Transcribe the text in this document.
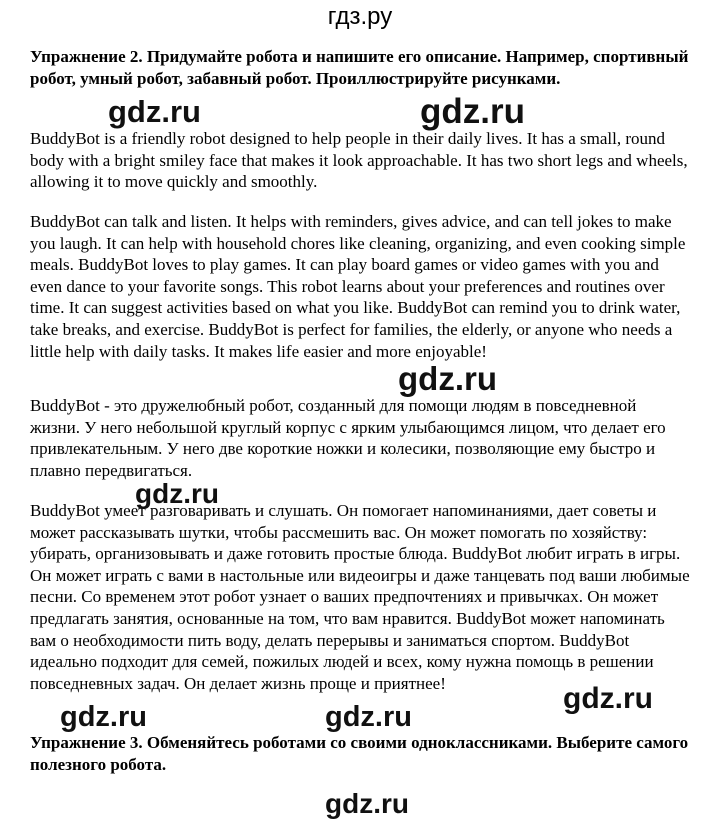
гдз.ру
Упражнение 2. Придумайте робота и напишите его описание. Например, спортивный робот, умный робот, забавный робот. Проиллюстрируйте рисунками.
BuddyBot is a friendly robot designed to help people in their daily lives. It has a small, round body with a bright smiley face that makes it look approachable. It has two short legs and wheels, allowing it to move quickly and smoothly.
BuddyBot can talk and listen. It helps with reminders, gives advice, and can tell jokes to make you laugh. It can help with household chores like cleaning, organizing, and even cooking simple meals. BuddyBot loves to play games. It can play board games or video games with you and even dance to your favorite songs. This robot learns about your preferences and routines over time. It can suggest activities based on what you like. BuddyBot can remind you to drink water, take breaks, and exercise. BuddyBot is perfect for families, the elderly, or anyone who needs a little help with daily tasks. It makes life easier and more enjoyable!
BuddyBot - это дружелюбный робот, созданный для помощи людям в повседневной жизни. У него небольшой круглый корпус с ярким улыбающимся лицом, что делает его привлекательным. У него две короткие ножки и колесики, позволяющие ему быстро и плавно передвигаться.
BuddyBot умеет разговаривать и слушать. Он помогает напоминаниями, дает советы и может рассказывать шутки, чтобы рассмешить вас. Он может помогать по хозяйству: убирать, организовывать и даже готовить простые блюда. BuddyBot любит играть в игры. Он может играть с вами в настольные или видеоигры и даже танцевать под ваши любимые песни. Со временем этот робот узнает о ваших предпочтениях и привычках. Он может предлагать занятия, основанные на том, что вам нравится. BuddyBot может напоминать вам о необходимости пить воду, делать перерывы и заниматься спортом. BuddyBot идеально подходит для семей, пожилых людей и всех, кому нужна помощь в решении повседневных задач. Он делает жизнь проще и приятнее!
Упражнение 3. Обменяйтесь роботами со своими одноклассниками. Выберите самого полезного робота.
gdz.ru	gdz.ru
gdz.ru
gdz.ru
gdz.ru
gdz.ru	gdz.ru
gdz.ru
